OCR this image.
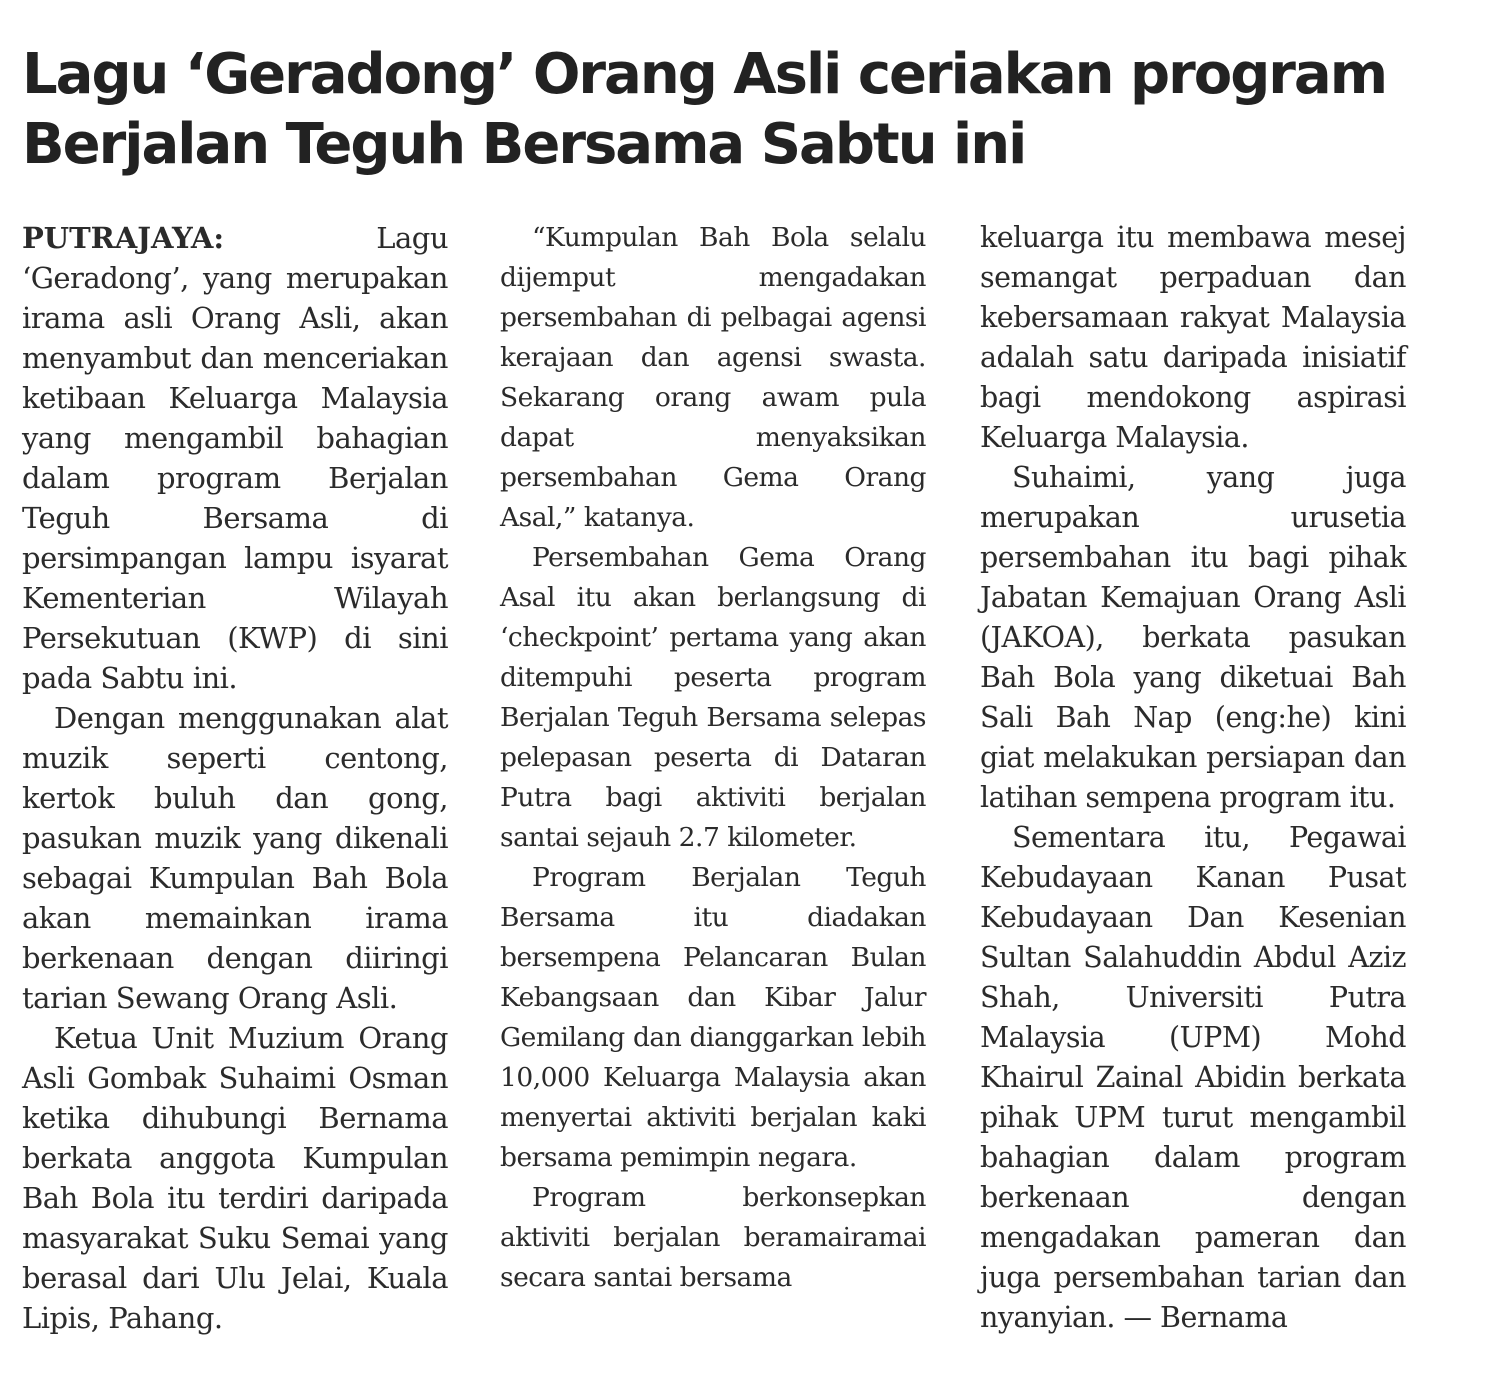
Lagu ‘Geradong’ Orang Asli ceriakan program
Berjalan Teguh Bersama Sabtu ini

PUTRAJAYA:	Lagu ‘Geradong’, yang merupakan irama asli Orang Asli, akan menyambut dan menceriakan ketibaan Keluarga Malaysia yang mengambil bahagian dalam program Berjalan Teguh Bersama di persimpangan lampu isyarat Kementerian Wilayah Persekutuan (KWP) di sini pada Sabtu ini.

Dengan menggunakan alat muzik seperti centong, kertok buluh dan gong, pasukan muzik yang dikenali sebagai Kumpulan Bah Bola akan memainkan irama berkenaan dengan diiringi tarian Sewang Orang Asli.

Ketua Unit Muzium Orang Asli Gombak Suhaimi Osman ketika dihubungi Bernama berkata anggota Kumpulan Bah Bola itu terdiri daripada masyarakat Suku Semai yang berasal dari Ulu Jelai, Kuala Lipis, Pahang.

“Kumpulan Bah Bola selalu dijemput mengadakan persembahan di pelbagai agensi kerajaan dan agensi swasta. Sekarang orang awam pula dapat menyaksikan persembahan Gema Orang Asal,” katanya.

Persembahan Gema Orang Asal itu akan berlangsung di ‘checkpoint’ pertama yang akan ditempuhi peserta program Berjalan Teguh Bersama selepas pelepasan peserta di Dataran Putra bagi aktiviti berjalan santai sejauh 2.7 kilometer.

Program Berjalan Teguh Bersama itu diadakan bersempena Pelancaran Bulan Kebangsaan dan Kibar Jalur Gemilang dan dianggarkan lebih 10,000 Keluarga Malaysia akan menyertai aktiviti berjalan kaki bersama pemimpin negara.

Program berkonsepkan aktiviti berjalan beramairamai secara santai bersama

keluarga itu membawa mesej semangat perpaduan dan kebersamaan rakyat Malaysia adalah satu daripada inisiatif bagi mendokong aspirasi Keluarga Malaysia.

Suhaimi, yang juga merupakan urusetia persembahan itu bagi pihak Jabatan Kemajuan Orang Asli (JAKOA), berkata pasukan Bah Bola yang diketuai Bah Sali Bah Nap (eng:he) kini giat melakukan persiapan dan latihan sempena program itu.

Sementara itu, Pegawai Kebudayaan Kanan Pusat Kebudayaan Dan Kesenian Sultan Salahuddin Abdul Aziz Shah, Universiti Putra Malaysia (UPM) Mohd Khairul Zainal Abidin berkata pihak UPM turut mengambil bahagian dalam program berkenaan dengan mengadakan pameran dan juga persembahan tarian dan nyanyian. — Bernama
